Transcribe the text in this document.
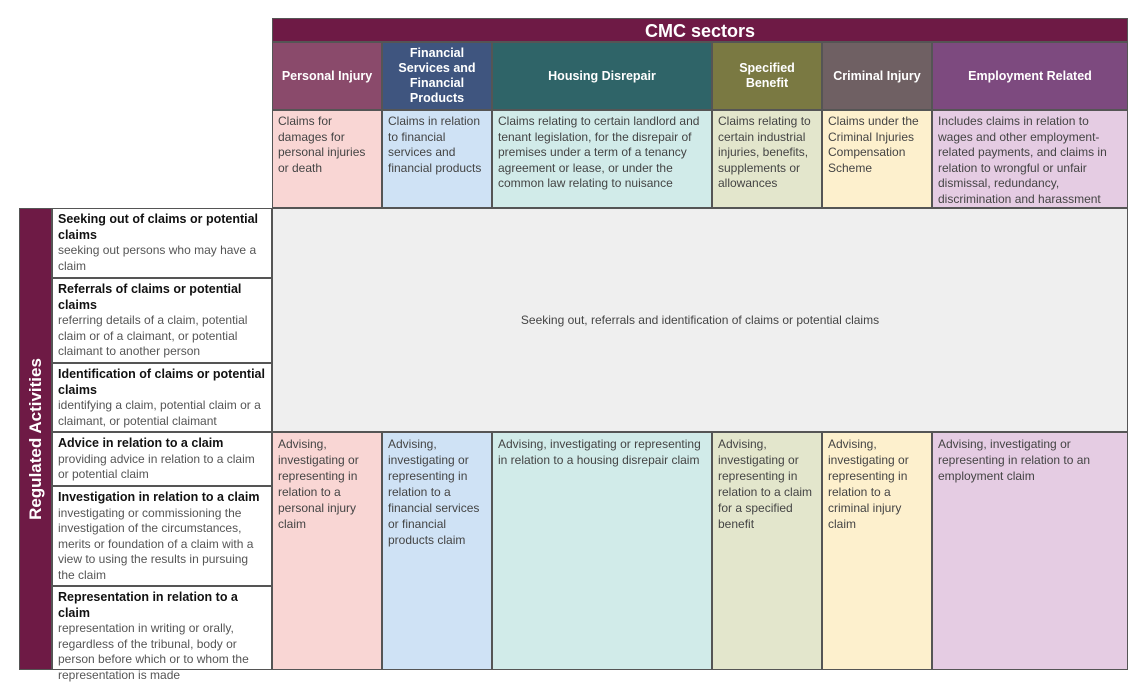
CMC sectors
Personal Injury
Claims for damages for personal injuries or death
Advising, investigating or representing in relation to a personal injury claim
Financial Services and Financial Products
Claims in relation to financial services and financial products
Advising, investigating or representing in relation to a financial services or financial products claim
Housing Disrepair
Claims relating to certain landlord and tenant legislation, for the disrepair of premises under a term of a tenancy agreement or lease, or under the common law relating to nuisance
Advising, investigating or representing in relation to a housing disrepair claim
Specified Benefit
Claims relating to certain industrial injuries, benefits, supplements or allowances
Advising, investigating or representing in relation to a claim for a specified benefit
Criminal Injury
Claims under the Criminal Injuries Compensation Scheme
Advising, investigating or representing in relation to a criminal injury claim
Employment Related
Includes claims in relation to wages and other employment-related payments, and claims in relation to wrongful or unfair dismissal, redundancy, discrimination and harassment
Advising, investigating or representing in relation to an employment claim
Seeking out, referrals and identification of claims or potential claims
Regulated Activities
Seeking out of claims or potential claims
seeking out persons who may have a claim
Referrals of claims or potential claims
referring details of a claim, potential claim or of a claimant, or potential claimant to another person
Identification of claims or potential claims
identifying a claim, potential claim or a claimant, or potential claimant
Advice in relation to a claim
providing advice in relation to a claim or potential claim
Investigation in relation to a claim
investigating or commissioning the investigation of the circumstances, merits or foundation of a claim with a view to using the results in pursuing the claim
Representation in relation to a claim
representation in writing or orally, regardless of the tribunal, body or person before which or to whom the representation is made
